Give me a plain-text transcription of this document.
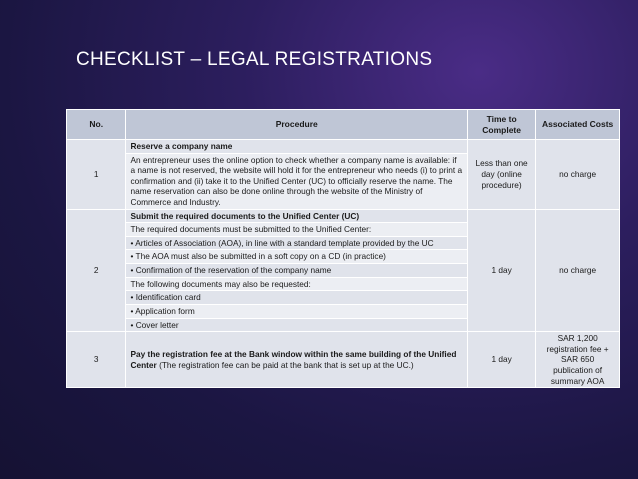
CHECKLIST – LEGAL REGISTRATIONS
No.	Procedure	Time to Complete	Associated Costs
1	Reserve a company name	Less than one day (online procedure)	no charge
	An entrepreneur uses the online option to check whether a company name is available: if a name is not reserved, the website will hold it for the entrepreneur who needs (i) to print a confirmation and (ii) take it to the Unified Center (UC) to officially reserve the name. The name reservation can also be done online through the website of the Ministry of Commerce and Industry.		
2	Submit the required documents to the Unified Center (UC)	1 day	no charge
	The required documents must be submitted to the Unified Center:		
	• Articles of Association (AOA), in line with a standard template provided by the UC		
	• The AOA must also be submitted in a soft copy on a CD (in practice)		
	• Confirmation of the reservation of the company name		
	The following documents may also be requested:		
	• Identification card		
	• Application form		
	• Cover letter		
3	Pay the registration fee at the Bank window within the same building of the Unified Center (The registration fee can be paid at the bank that is set up at the UC.)	1 day	SAR 1,200 registration fee + SAR 650 publication of summary AOA
